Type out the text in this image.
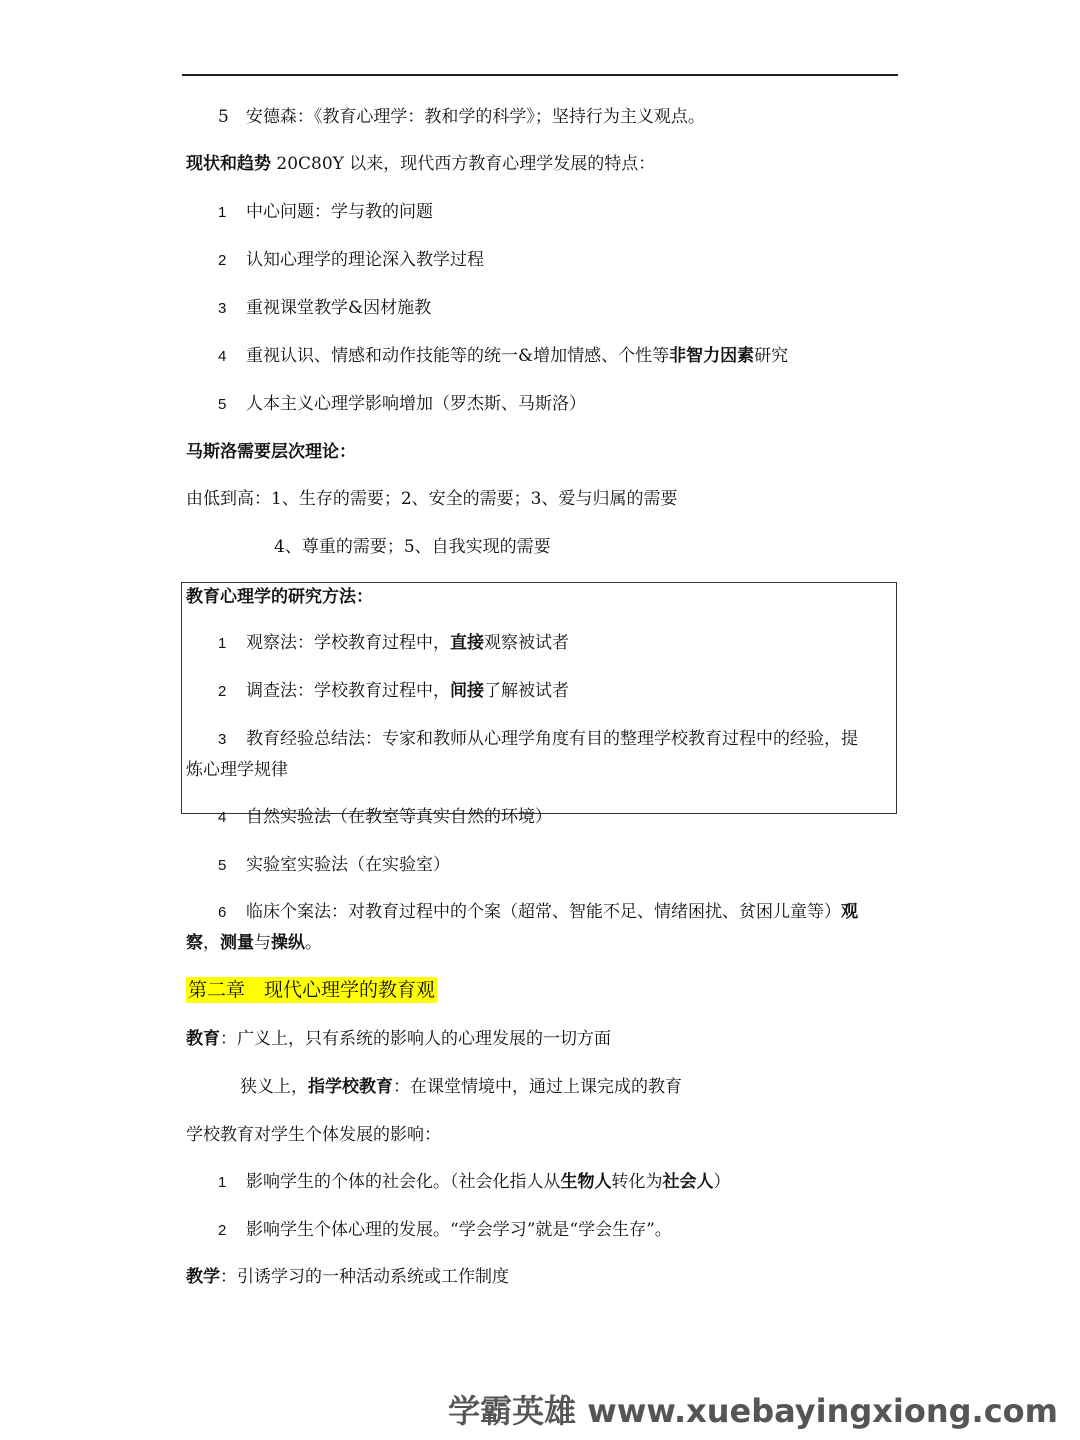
5　安德森：《教育心理学：教和学的科学》；坚持行为主义观点。
现状和趋势 20C80Y 以来，现代西方教育心理学发展的特点：
1 中心问题：学与教的问题
2 认知心理学的理论深入教学过程
3 重视课堂教学&因材施教
4 重视认识、情感和动作技能等的统一&增加情感、个性等非智力因素研究
5 人本主义心理学影响增加（罗杰斯、马斯洛）
马斯洛需要层次理论：
由低到高：1、生存的需要；2、安全的需要；3、爱与归属的需要
4、尊重的需要；5、自我实现的需要
教育心理学的研究方法：
1 观察法：学校教育过程中，直接观察被试者
2 调查法：学校教育过程中，间接了解被试者
3 教育经验总结法：专家和教师从心理学角度有目的整理学校教育过程中的经验，提
炼心理学规律
4 自然实验法（在教室等真实自然的环境）
5 实验室实验法（在实验室）
6 临床个案法：对教育过程中的个案（超常、智能不足、情绪困扰、贫困儿童等）观
察，测量与操纵。
第二章　现代心理学的教育观
教育：广义上，只有系统的影响人的心理发展的一切方面
狭义上，指学校教育：在课堂情境中，通过上课完成的教育
学校教育对学生个体发展的影响：
1 影响学生的个体的社会化。（社会化指人从生物人转化为社会人）
2 影响学生个体心理的发展。“学会学习”就是“学会生存”。
教学：引诱学习的一种活动系统或工作制度
学霸英雄 www.xuebayingxiong.com
